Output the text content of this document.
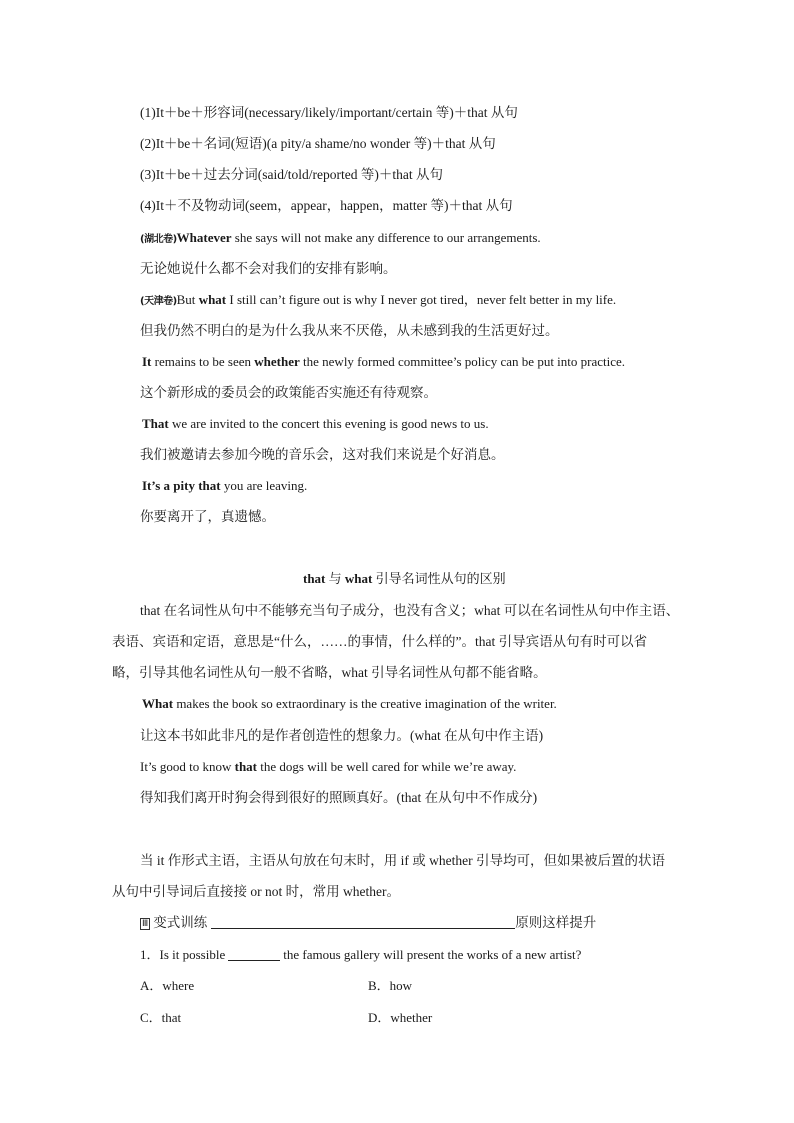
(1)It＋be＋形容词(necessary/likely/important/certain 等)＋that 从句
(2)It＋be＋名词(短语)(a pity/a shame/no wonder 等)＋that 从句
(3)It＋be＋过去分词(said/told/reported 等)＋that 从句
(4)It＋不及物动词(seem，appear，happen，matter 等)＋that 从句
(湖北卷)Whatever she says will not make any difference to our arrangements.
无论她说什么都不会对我们的安排有影响。
(天津卷)But what I still can’t figure out is why I never got tired，never felt better in my life.
但我仍然不明白的是为什么我从来不厌倦，从未感到我的生活更好过。
It remains to be seen whether the newly formed committee’s policy can be put into practice.
这个新形成的委员会的政策能否实施还有待观察。
That we are invited to the concert this evening is good news to us.
我们被邀请去参加今晚的音乐会，这对我们来说是个好消息。
It’s a pity that you are leaving.
你要离开了，真遗憾。
that 与 what 引导名词性从句的区别
that 在名词性从句中不能够充当句子成分，也没有含义；what 可以在名词性从句中作主语、
表语、宾语和定语，意思是“什么，……的事情，什么样的”。that 引导宾语从句有时可以省
略，引导其他名词性从句一般不省略，what 引导名词性从句都不能省略。
What makes the book so extraordinary is the creative imagination of the writer.
让这本书如此非凡的是作者创造性的想象力。(what 在从句中作主语)
It’s good to know that the dogs will be well cared for while we’re away.
得知我们离开时狗会得到很好的照顾真好。(that 在从句中不作成分)
当 it 作形式主语，主语从句放在句末时，用 if 或 whether 引导均可，但如果被后置的状语
从句中引导词后直接接 or not 时，常用 whether。
Ⅲ 变式训练	原则这样提升
1．Is it possible	the famous gallery will present the works of a new artist?
A．where	B．how
C．that	D．whether
